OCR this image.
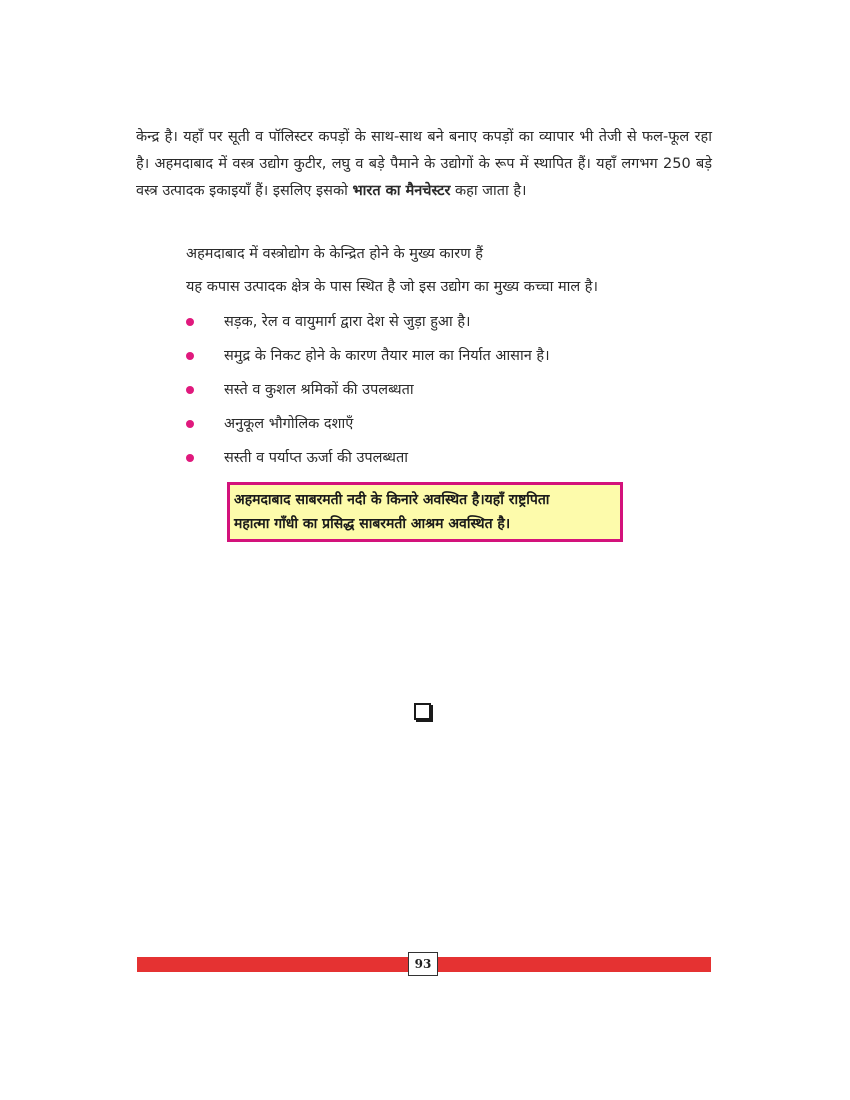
केन्द्र है। यहाँ पर सूती व पॉलिस्टर कपड़ों के साथ-साथ बने बनाए कपड़ों का व्यापार भी तेजी से फल-फूल रहा है। अहमदाबाद में वस्त्र उद्योग कुटीर, लघु व बड़े पैमाने के उद्योगों के रूप में स्थापित हैं। यहाँ लगभग 250 बड़े वस्त्र उत्पादक इकाइयाँ हैं। इसलिए इसको भारत का मैनचेस्टर कहा जाता है।

अहमदाबाद में वस्त्रोद्योग के केन्द्रित होने के मुख्य कारण हैं

यह कपास उत्पादक क्षेत्र के पास स्थित है जो इस उद्योग का मुख्य कच्चा माल है।

सड़क, रेल व वायुमार्ग द्वारा देश से जुड़ा हुआ है।
समुद्र के निकट होने के कारण तैयार माल का निर्यात आसान है।
सस्ते व कुशल श्रमिकों की उपलब्धता
अनुकूल भौगोलिक दशाएँ
सस्ती व पर्याप्त ऊर्जा की उपलब्धता
अहमदाबाद साबरमती नदी के किनारे अवस्थित है।यहाँ राष्ट्रपिता
महात्मा गाँधी का प्रसिद्ध साबरमती आश्रम अवस्थित है।
93
